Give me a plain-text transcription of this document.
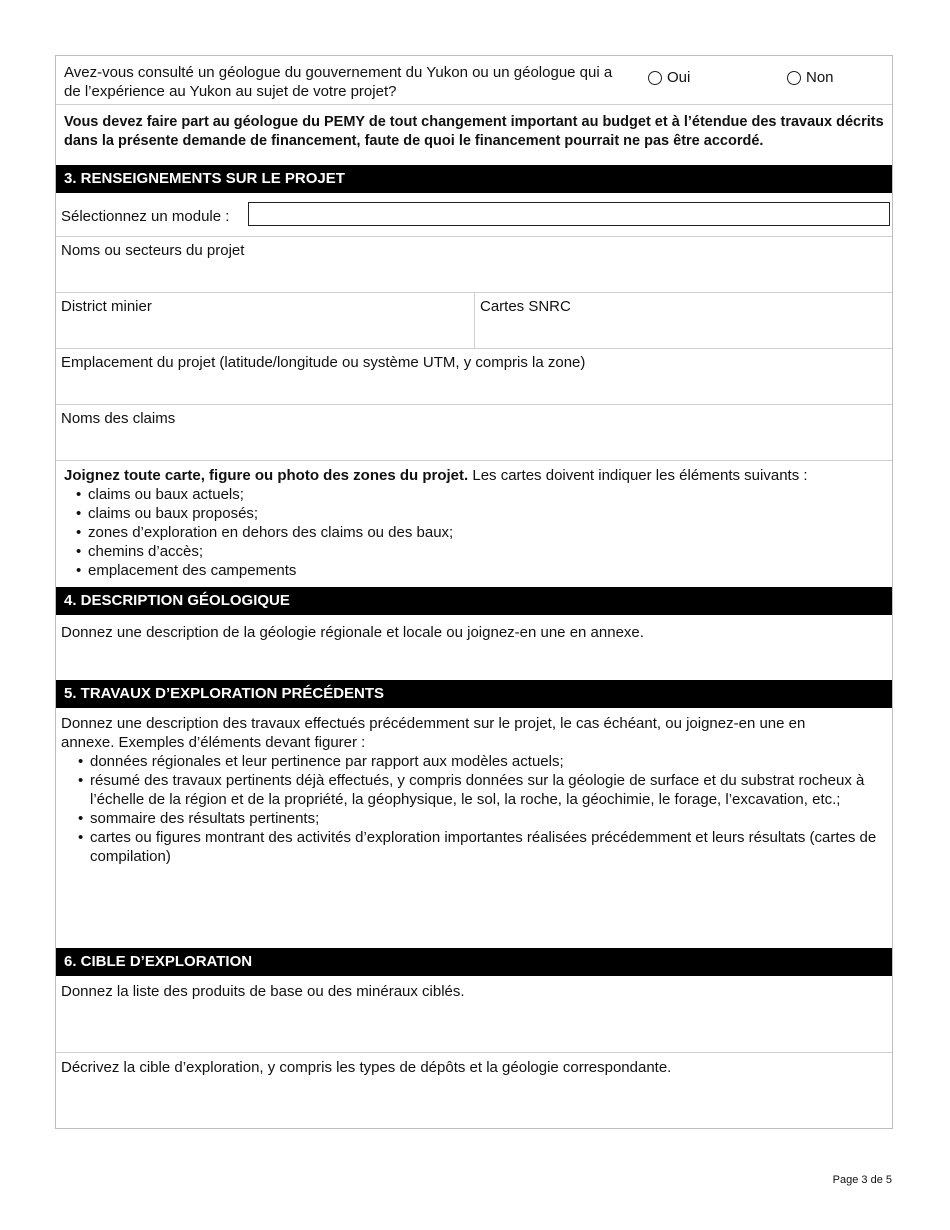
Avez-vous consulté un géologue du gouvernement du Yukon ou un géologue qui a de l’expérience au Yukon au sujet de votre projet?
Oui	Non
Vous devez faire part au géologue du PEMY de tout changement important au budget et à l’étendue des travaux décrits dans la présente demande de financement, faute de quoi le financement pourrait ne pas être accordé.
3. RENSEIGNEMENTS SUR LE PROJET
Sélectionnez un module :
Noms ou secteurs du projet
District minier	Cartes SNRC
Emplacement du projet (latitude/longitude ou système UTM, y compris la zone)
Noms des claims
Joignez toute carte, figure ou photo des zones du projet. Les cartes doivent indiquer les éléments suivants :
• claims ou baux actuels;
• claims ou baux proposés;
• zones d’exploration en dehors des claims ou des baux;
• chemins d’accès;
• emplacement des campements
4. DESCRIPTION GÉOLOGIQUE
Donnez une description de la géologie régionale et locale ou joignez-en une en annexe.
5. TRAVAUX D’EXPLORATION PRÉCÉDENTS
Donnez une description des travaux effectués précédemment sur le projet, le cas échéant, ou joignez-en une en
annexe. Exemples d’éléments devant figurer :
• données régionales et leur pertinence par rapport aux modèles actuels;
• résumé des travaux pertinents déjà effectués, y compris données sur la géologie de surface et du substrat rocheux à l’échelle de la région et de la propriété, la géophysique, le sol, la roche, la géochimie, le forage, l’excavation, etc.;
• sommaire des résultats pertinents;
• cartes ou figures montrant des activités d’exploration importantes réalisées précédemment et leurs résultats (cartes de compilation)
6. CIBLE D’EXPLORATION
Donnez la liste des produits de base ou des minéraux ciblés.
Décrivez la cible d’exploration, y compris les types de dépôts et la géologie correspondante.
Page 3 de 5
